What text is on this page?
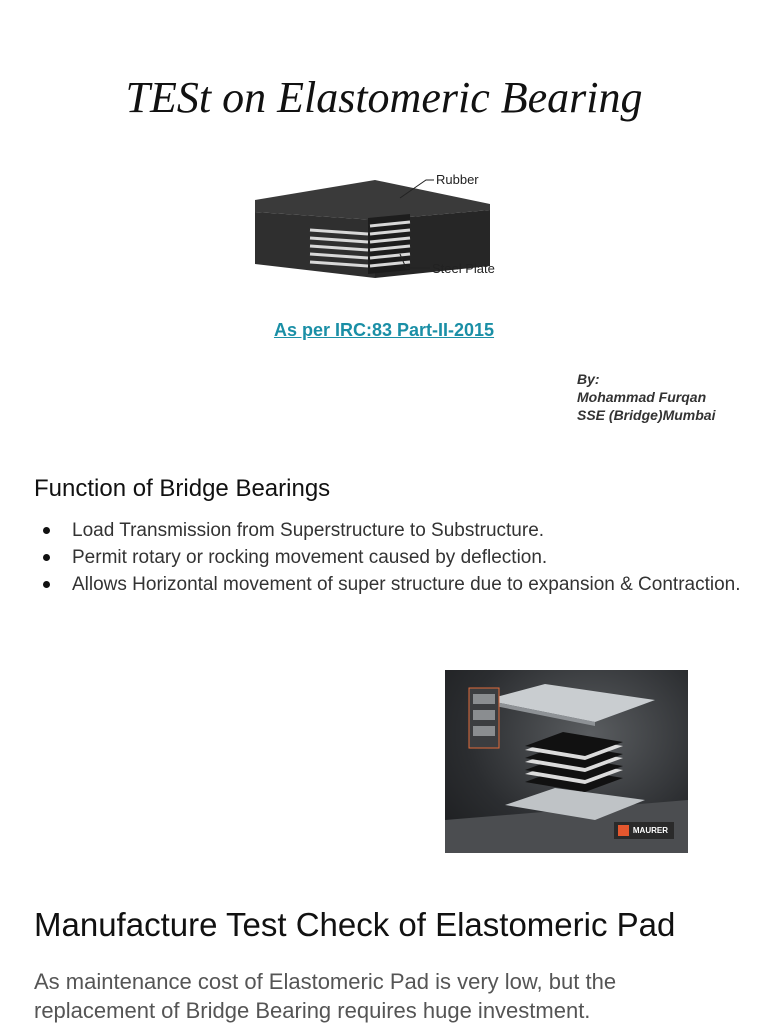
TESt on Elastomeric Bearing
Rubber
Steel Plate
As per IRC:83 Part-II-2015
By:
Mohammad Furqan
SSE (Bridge)Mumbai
Function of Bridge Bearings
Load Transmission from Superstructure to Substructure.
Permit rotary or rocking movement caused by deflection.
Allows Horizontal movement of super structure due to expansion & Contraction.
MAURER
Manufacture Test Check of Elastomeric Pad
As maintenance cost of Elastomeric Pad is very low, but the replacement of Bridge Bearing requires huge investment.
